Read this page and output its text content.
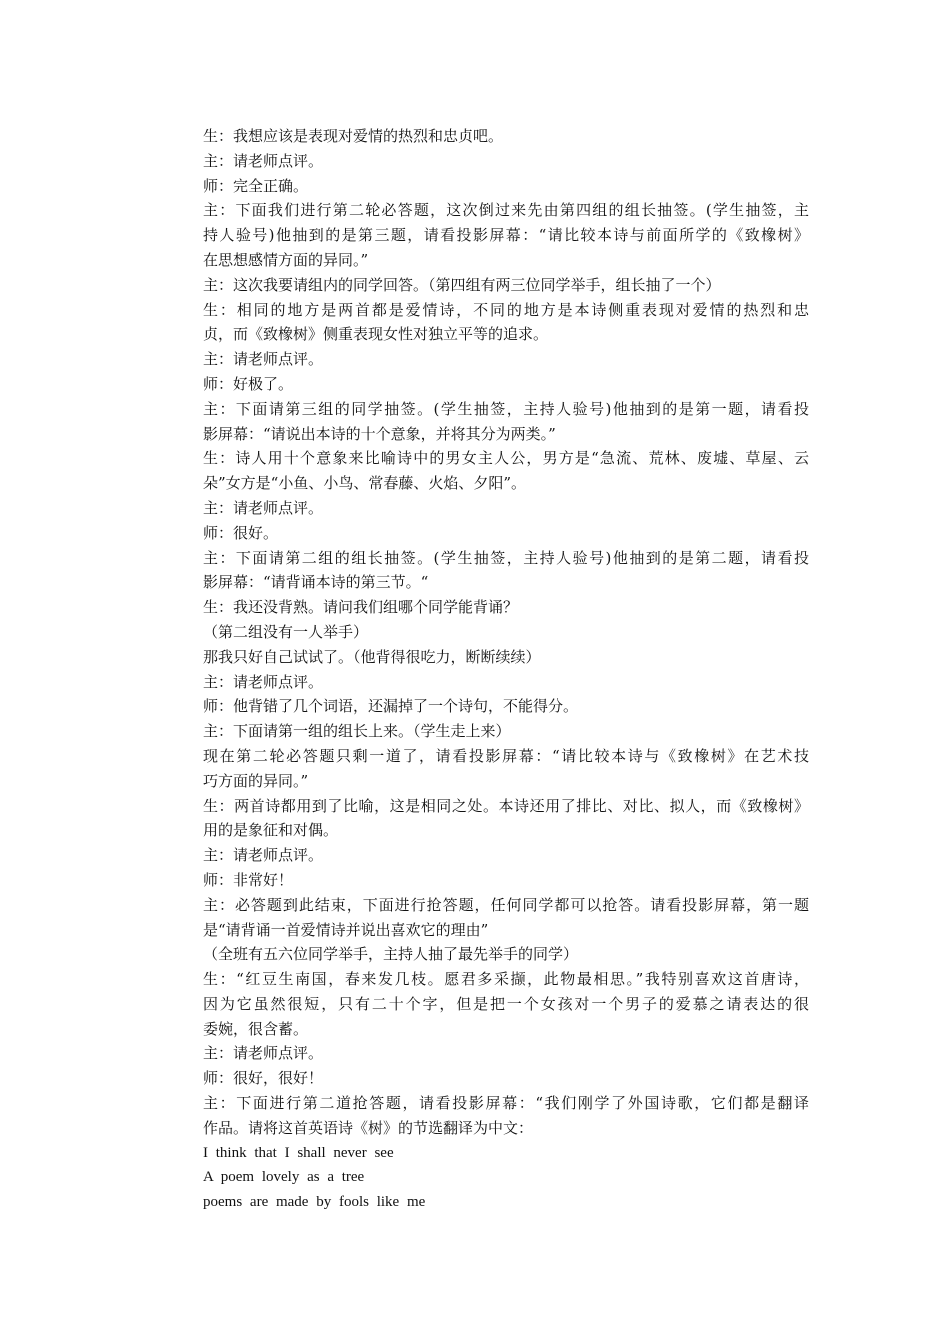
生：我想应该是表现对爱情的热烈和忠贞吧。
主：请老师点评。
师：完全正确。
主：下面我们进行第二轮必答题，这次倒过来先由第四组的组长抽签。(学生抽签，主
持人验号)他抽到的是第三题，请看投影屏幕：“请比较本诗与前面所学的《致橡树》
在思想感情方面的异同。”
主：这次我要请组内的同学回答。（第四组有两三位同学举手，组长抽了一个）
生：相同的地方是两首都是爱情诗，不同的地方是本诗侧重表现对爱情的热烈和忠
贞，而《致橡树》侧重表现女性对独立平等的追求。
主：请老师点评。
师：好极了。
主：下面请第三组的同学抽签。(学生抽签，主持人验号)他抽到的是第一题，请看投
影屏幕：“请说出本诗的十个意象，并将其分为两类。”
生：诗人用十个意象来比喻诗中的男女主人公，男方是“急流、荒林、废墟、草屋、云
朵”女方是“小鱼、小鸟、常春藤、火焰、夕阳”。
主：请老师点评。
师：很好。
主：下面请第二组的组长抽签。(学生抽签，主持人验号)他抽到的是第二题，请看投
影屏幕：“请背诵本诗的第三节。“
生：我还没背熟。请问我们组哪个同学能背诵？
（第二组没有一人举手）
那我只好自己试试了。（他背得很吃力，断断续续）
主：请老师点评。
师：他背错了几个词语，还漏掉了一个诗句，不能得分。
主：下面请第一组的组长上来。（学生走上来）
现在第二轮必答题只剩一道了，请看投影屏幕：“请比较本诗与《致橡树》在艺术技
巧方面的异同。”
生：两首诗都用到了比喻，这是相同之处。本诗还用了排比、对比、拟人，而《致橡树》
用的是象征和对偶。
主：请老师点评。
师：非常好！
主：必答题到此结束，下面进行抢答题，任何同学都可以抢答。请看投影屏幕，第一题
是“请背诵一首爱情诗并说出喜欢它的理由”
（全班有五六位同学举手，主持人抽了最先举手的同学）
生：“红豆生南国，春来发几枝。愿君多采撷，此物最相思。”我特别喜欢这首唐诗，
因为它虽然很短，只有二十个字，但是把一个女孩对一个男子的爱慕之请表达的很
委婉，很含蓄。
主：请老师点评。
师：很好，很好！
主：下面进行第二道抢答题，请看投影屏幕：“我们刚学了外国诗歌，它们都是翻译
作品。请将这首英语诗《树》的节选翻译为中文：
I think that I shall never see
A poem lovely as a tree
poems are made by fools like me
